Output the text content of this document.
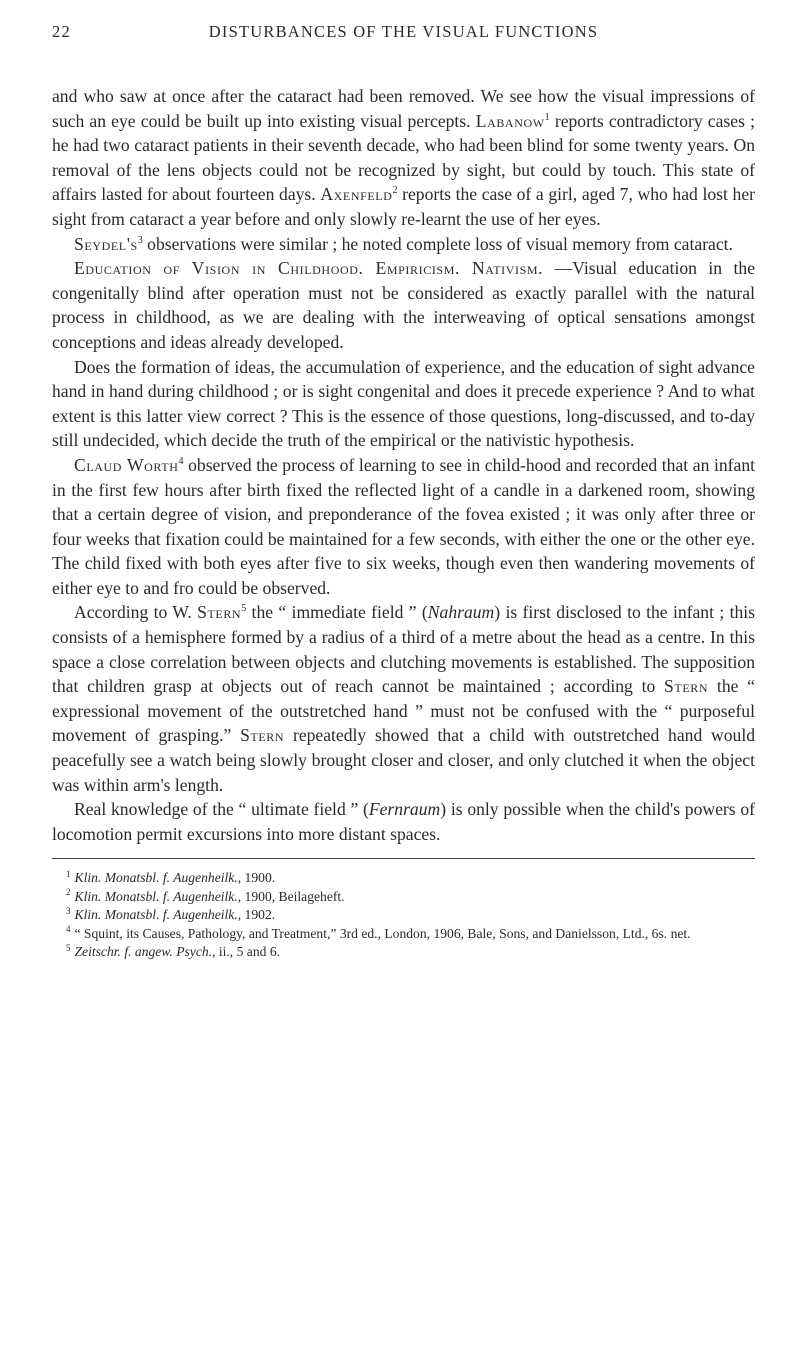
22	DISTURBANCES OF THE VISUAL FUNCTIONS

and who saw at once after the cataract had been removed. We see how the visual impressions of such an eye could be built up into existing visual percepts. Labanow$^1$ reports contradictory cases ; he had two cataract patients in their seventh decade, who had been blind for some twenty years. On removal of the lens objects could not be recognized by sight, but could by touch. This state of affairs lasted for about fourteen days. Axenfeld$^2$ reports the case of a girl, aged 7, who had lost her sight from cataract a year before and only slowly re-learnt the use of her eyes.

$Seydel's^3$ observations were similar ; he noted complete loss of visual memory from cataract.

Education of Vision in Childhood. Empiricism. Nativism. —Visual education in the congenitally blind after operation must not be considered as exactly parallel with the natural process in childhood, as we are dealing with the interweaving of optical sensations amongst conceptions and ideas already developed.

Does the formation of ideas, the accumulation of experience, and the education of sight advance hand in hand during childhood ; or is sight congenital and does it precede experience ? And to what extent is this latter view correct ? This is the essence of those questions, long-discussed, and to-day still undecided, which decide the truth of the empirical or the nativistic hypothesis.

Claud Worth$^4$ observed the process of learning to see in child-hood and recorded that an infant in the first few hours after birth fixed the reflected light of a candle in a darkened room, showing that a certain degree of vision, and preponderance of the fovea existed ; it was only after three or four weeks that fixation could be maintained for a few seconds, with either the one or the other eye. The child fixed with both eyes after five to six weeks, though even then wandering movements of either eye to and fro could be observed.

According to W. Stern$^5$ the “ immediate field ” (Nahraum) is first disclosed to the infant ; this consists of a hemisphere formed by a radius of a third of a metre about the head as a centre. In this space a close correlation between objects and clutching movements is established. The supposition that children grasp at objects out of reach cannot be maintained ; according to Stern the “ expressional movement of the outstretched hand ” must not be confused with the “ purposeful movement of grasping.” Stern repeatedly showed that a child with outstretched hand would peacefully see a watch being slowly brought closer and closer, and only clutched it when the object was within arm's length.

Real knowledge of the “ ultimate field ” (Fernraum) is only possible when the child's powers of locomotion permit excursions into more distant spaces.

$^1$ Klin. Monatsbl. f. Augenheilk., 1900.
$^2$ Klin. Monatsbl. f. Augenheilk., 1900, Beilageheft.
$^3$ Klin. Monatsbl. f. Augenheilk., 1902.
$^4$ “ Squint, its Causes, Pathology, and Treatment,” 3rd ed., London, 1906, Bale, Sons, and Danielsson, Ltd., 6s. net.
$^5$ Zeitschr. f. angew. Psych., ii., 5 and 6.
